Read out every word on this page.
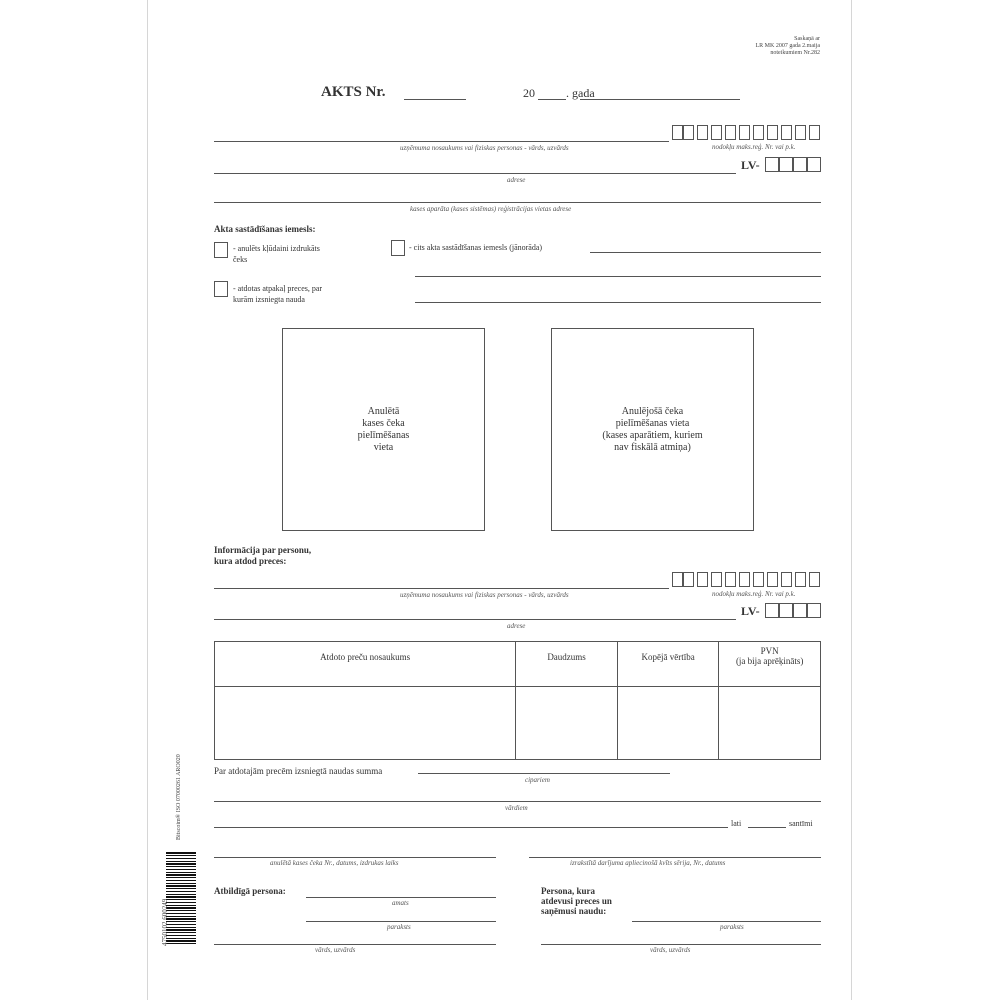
Saskaņā ar
LR MK 2007 gada 2.maija
noteikumiem Nr.282
AKTS Nr.	20	. gada
uzņēmuma nosaukums vai fiziskas personas - vārds, uzvārds	nodokļu maks.reģ. Nr. vai p.k.
LV-
adrese
kases aparāta (kases sistēmas) reģistrācijas vietas adrese
Akta sastādīšanas iemesls:
- anulēts kļūdaini izdrukāts
čeks
- atdotas atpakaļ preces, par
kurām izsniegta nauda
- cits akta sastādīšanas iemesls (jānorāda)
Anulētā
kases čeka
pielīmēšanas
vieta
Anulējošā čeka
pielīmēšanas vieta
(kases aparātiem, kuriem
nav fiskālā atmiņa)
Informācija par personu,
kura atdod preces:
uzņēmuma nosaukums vai fiziskas personas - vārds, uzvārds	nodokļu maks.reģ. Nr. vai p.k.
LV-
adrese
Atdoto preču nosaukums	Daudzums	Kopējā vērtība	PVN
(ja bija aprēķināts)

Par atdotajām precēm izsniegtā naudas summa
cipariem
vārdiem
lati	santīmi
anulētā kases čeka Nr., datums, izdrukas laiks	izrakstītā darījuma apliecinošā kvīts sērija, Nr., datums
Atbildīgā persona:
amats
paraksts
vārds, uzvārds
Persona, kura
atdevusi preces un
saņēmusi naudu:
paraksts
vārds, uzvārds
Bitscoim® ISO 07000261 ARO020
4750102 600249
